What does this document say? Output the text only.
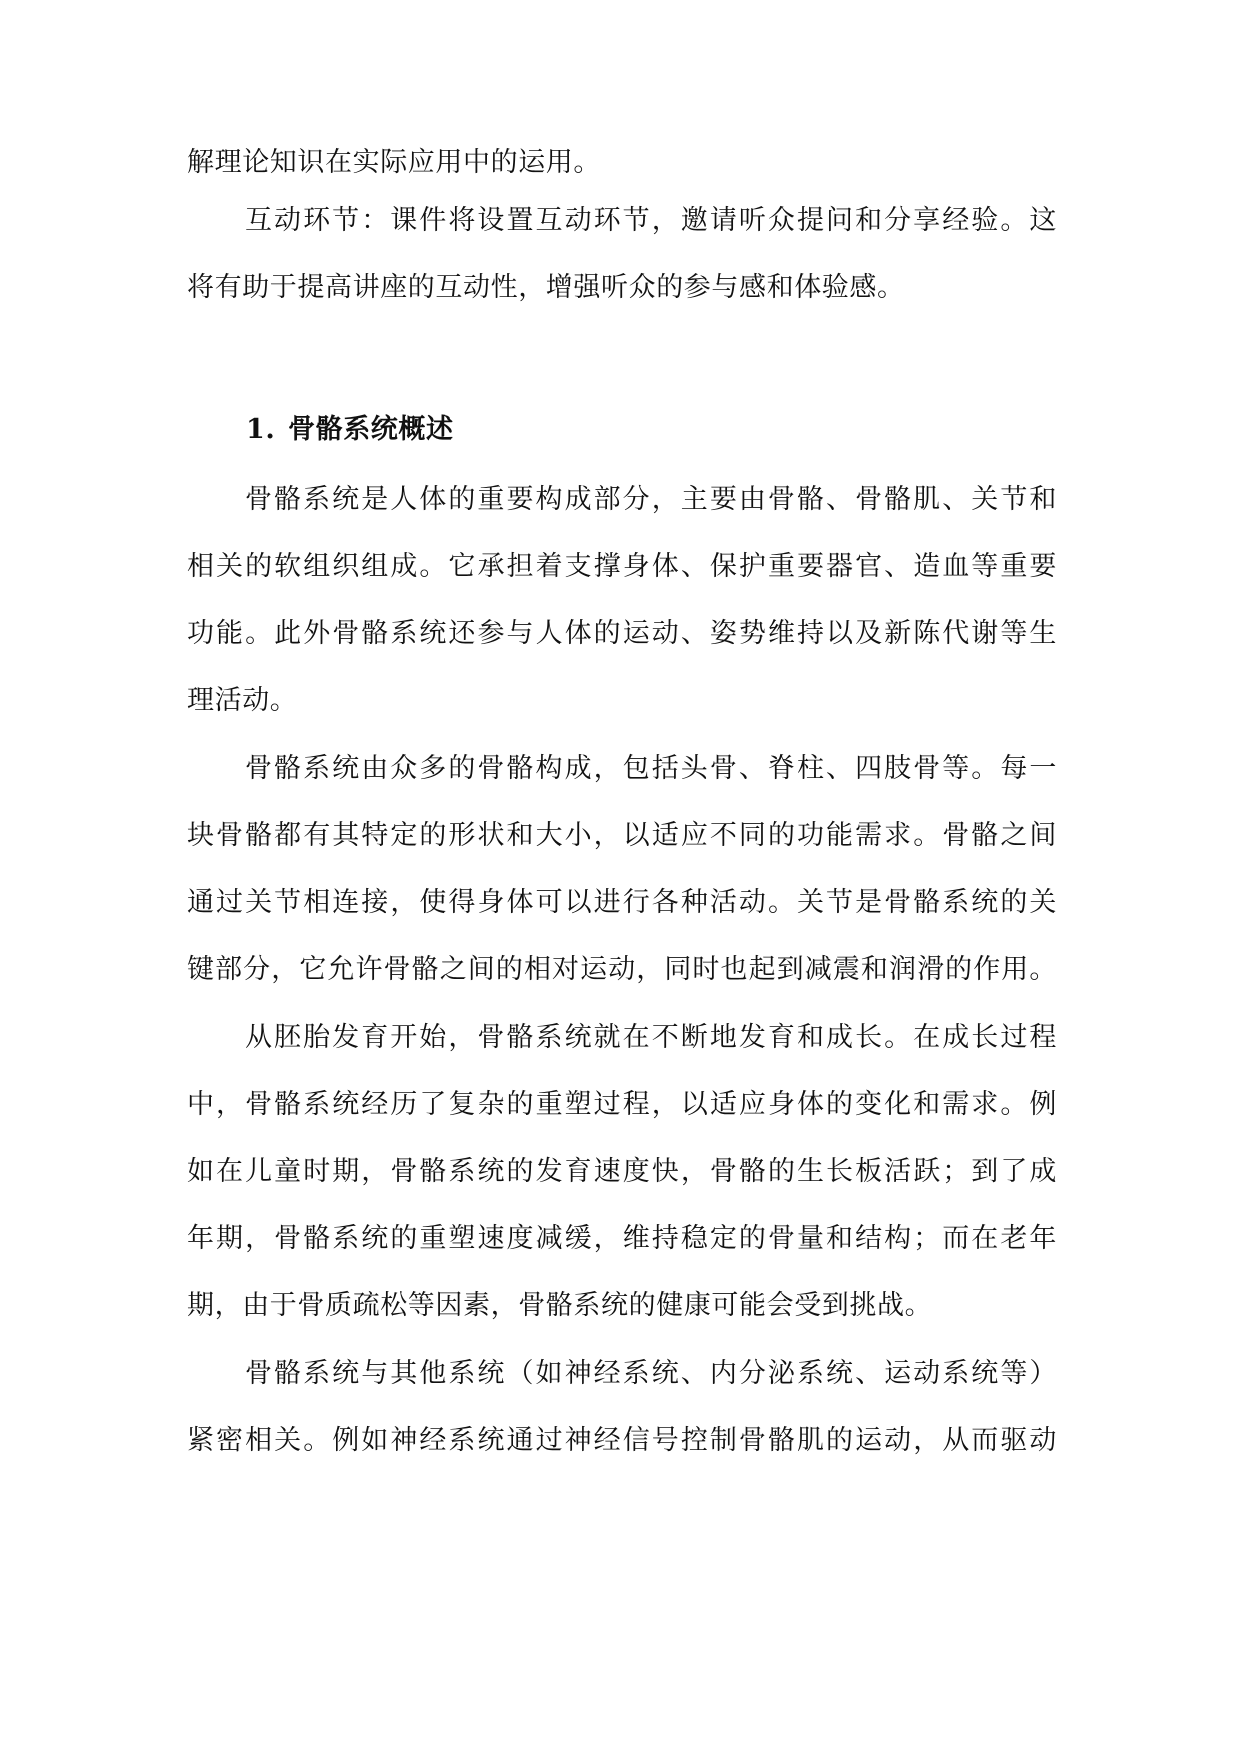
解理论知识在实际应用中的运用。
互动环节：课件将设置互动环节，邀请听众提问和分享经验。这
将有助于提高讲座的互动性，增强听众的参与感和体验感。
1. 骨骼系统概述
骨骼系统是人体的重要构成部分，主要由骨骼、骨骼肌、关节和
相关的软组织组成。它承担着支撑身体、保护重要器官、造血等重要
功能。此外骨骼系统还参与人体的运动、姿势维持以及新陈代谢等生
理活动。
骨骼系统由众多的骨骼构成，包括头骨、脊柱、四肢骨等。每一
块骨骼都有其特定的形状和大小，以适应不同的功能需求。骨骼之间
通过关节相连接，使得身体可以进行各种活动。关节是骨骼系统的关
键部分，它允许骨骼之间的相对运动，同时也起到减震和润滑的作用。
从胚胎发育开始，骨骼系统就在不断地发育和成长。在成长过程
中，骨骼系统经历了复杂的重塑过程，以适应身体的变化和需求。例
如在儿童时期，骨骼系统的发育速度快，骨骼的生长板活跃；到了成
年期，骨骼系统的重塑速度减缓，维持稳定的骨量和结构；而在老年
期，由于骨质疏松等因素，骨骼系统的健康可能会受到挑战。
骨骼系统与其他系统（如神经系统、内分泌系统、运动系统等）
紧密相关。例如神经系统通过神经信号控制骨骼肌的运动，从而驱动
